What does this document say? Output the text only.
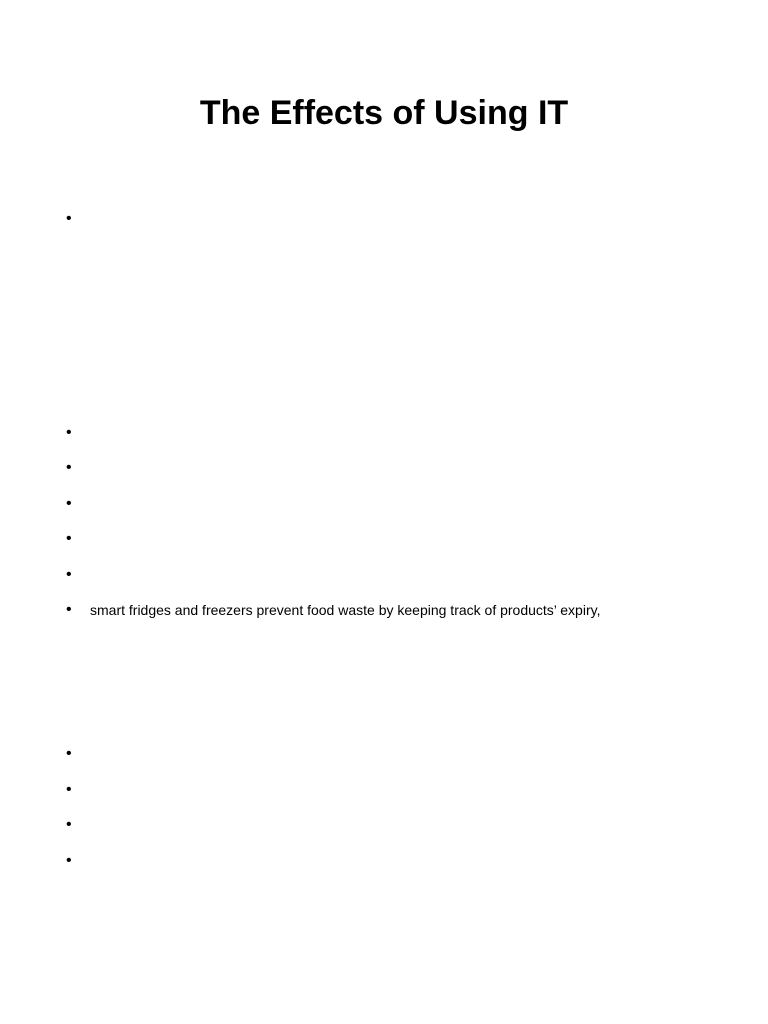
The Effects of Using IT
•
•
•
•
•
•
• smart fridges and freezers prevent food waste by keeping track of products’ expiry,
•
•
•
•
